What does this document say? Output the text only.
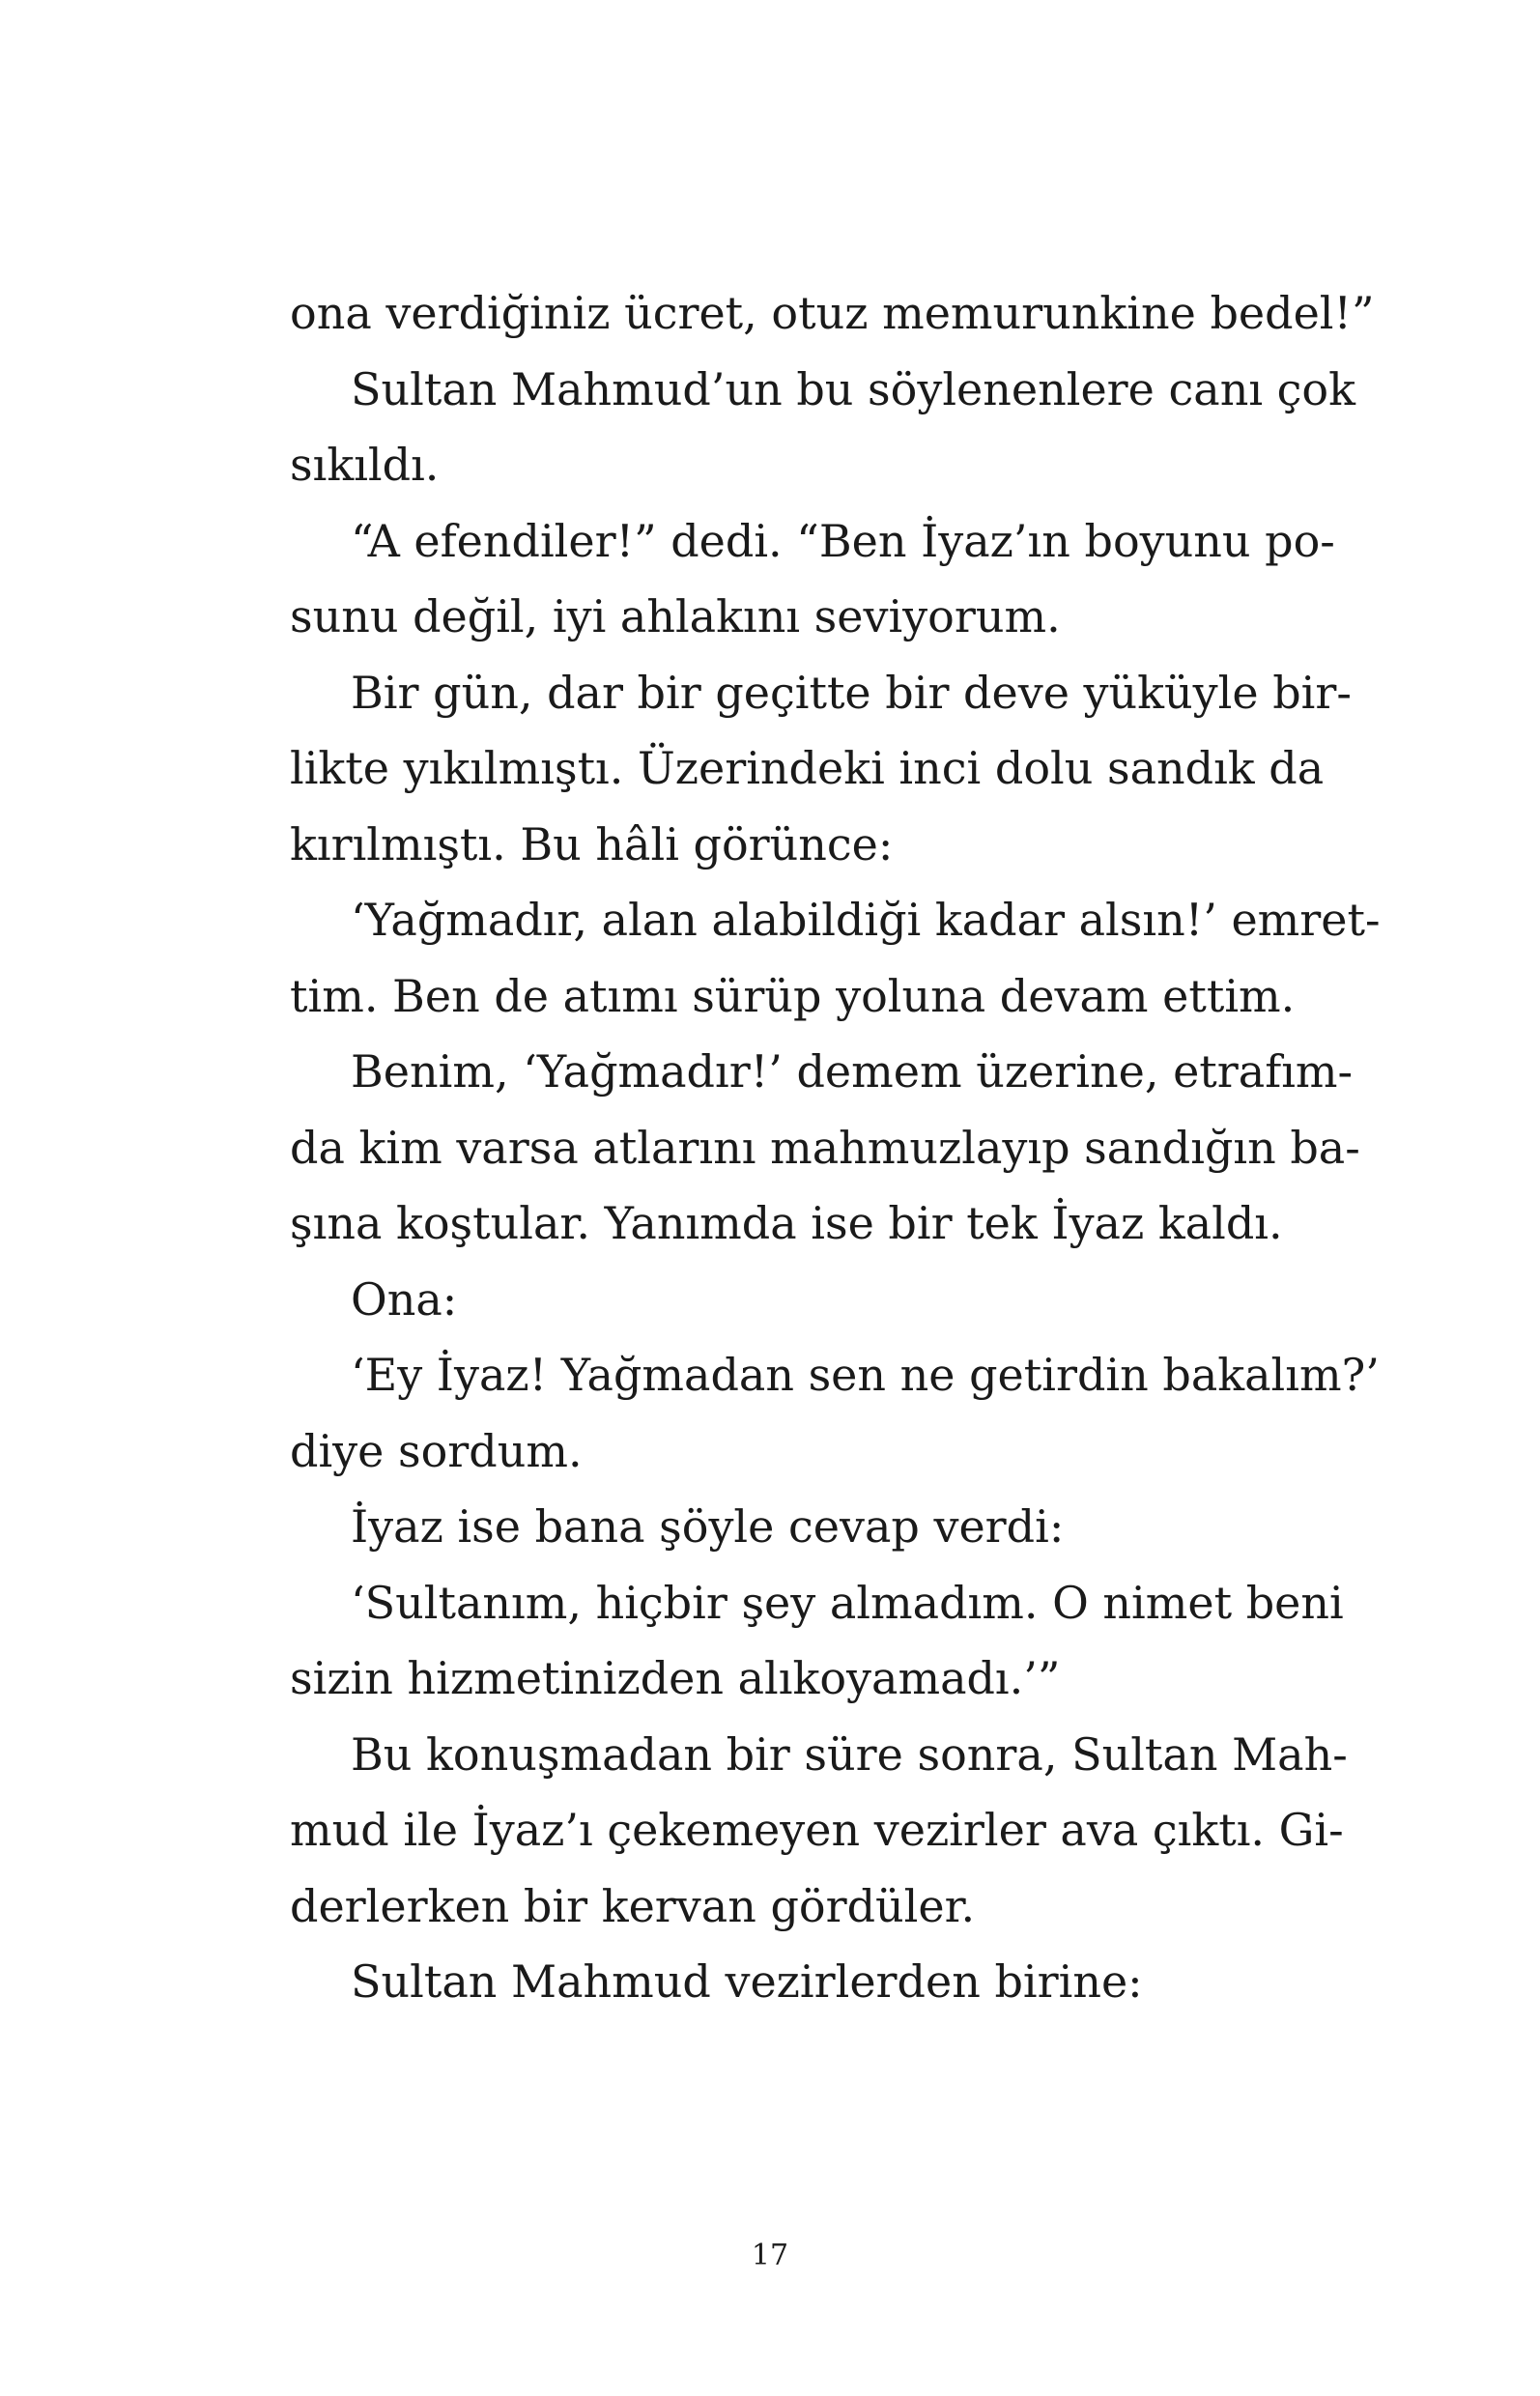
ona verdiğiniz ücret, otuz memurunkine bedel!”
Sultan Mahmud’un bu söylenenlere canı çok
sıkıldı.
“A efendiler!” dedi. “Ben İyaz’ın boyunu po-
sunu değil, iyi ahlakını seviyorum.
Bir gün, dar bir geçitte bir deve yüküyle bir-
likte yıkılmıştı. Üzerindeki inci dolu sandık da
kırılmıştı. Bu hâli görünce:
‘Yağmadır, alan alabildiği kadar alsın!’ emret-
tim. Ben de atımı sürüp yoluna devam ettim.
Benim, ‘Yağmadır!’ demem üzerine, etrafım-
da kim varsa atlarını mahmuzlayıp sandığın ba-
şına koştular. Yanımda ise bir tek İyaz kaldı.
Ona:
‘Ey İyaz! Yağmadan sen ne getirdin bakalım?’
diye sordum.
İyaz ise bana şöyle cevap verdi:
‘Sultanım, hiçbir şey almadım. O nimet beni
sizin hizmetinizden alıkoyamadı.’”
Bu konuşmadan bir süre sonra, Sultan Mah-
mud ile İyaz’ı çekemeyen vezirler ava çıktı. Gi-
derlerken bir kervan gördüler.
Sultan Mahmud vezirlerden birine:
17
